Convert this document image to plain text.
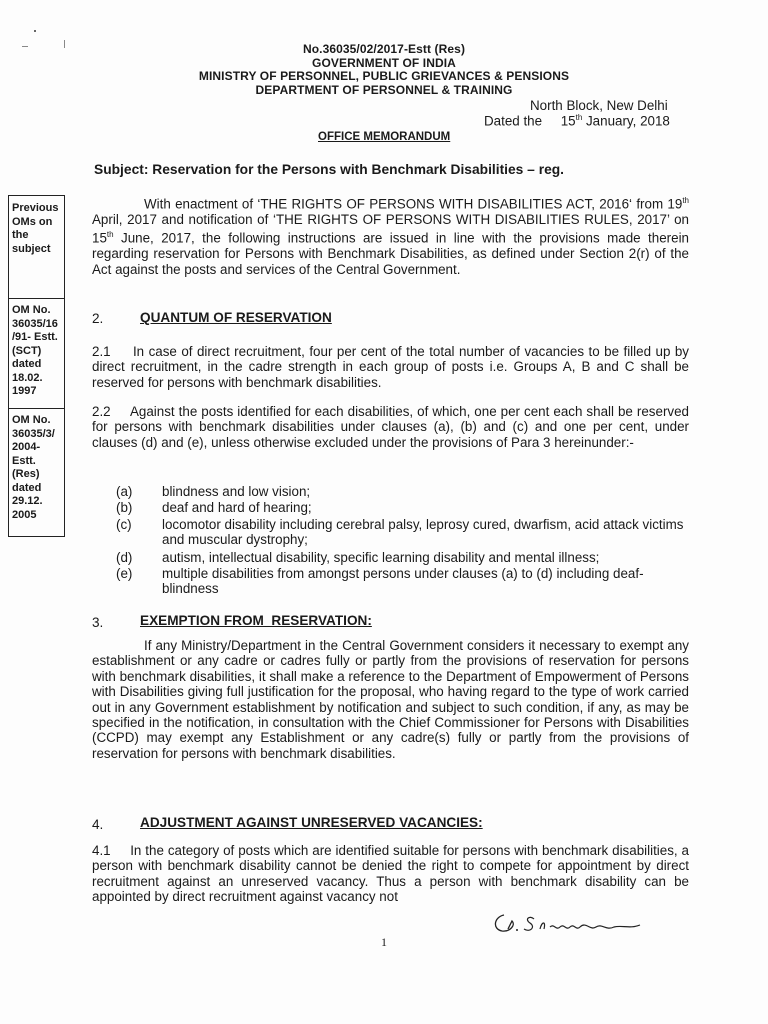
No.36035/02/2017-Estt (Res)
GOVERNMENT OF INDIA
MINISTRY OF PERSONNEL, PUBLIC GRIEVANCES & PENSIONS
DEPARTMENT OF PERSONNEL & TRAINING
North Block, New Delhi
Dated the 15th January, 2018
OFFICE MEMORANDUM
Subject: Reservation for the Persons with Benchmark Disabilities – reg.
Previous OMs on the subject
OM No. 36035/16 /91- Estt.(SCT) dated 18.02. 1997
OM No. 36035/3/ 2004- Estt.(Res) dated 29.12. 2005
With enactment of ‘THE RIGHTS OF PERSONS WITH DISABILITIES ACT, 2016‘ from 19th April, 2017 and notification of ‘THE RIGHTS OF PERSONS WITH DISABILITIES RULES, 2017’ on 15th June, 2017, the following instructions are issued in line with the provisions made therein regarding reservation for Persons with Benchmark Disabilities, as defined under Section 2(r) of the Act against the posts and services of the Central Government.
2.	QUANTUM OF RESERVATION
2.1     In case of direct recruitment, four per cent of the total number of vacancies to be filled up by direct recruitment, in the cadre strength in each group of posts i.e. Groups A, B and C shall be reserved for persons with benchmark disabilities.
2.2     Against the posts identified for each disabilities, of which, one per cent each shall be reserved for persons with benchmark disabilities under clauses (a), (b) and (c) and one per cent, under clauses (d) and (e), unless otherwise excluded under the provisions of Para 3 hereinunder:-
(a) blindness and low vision;
(b) deaf and hard of hearing;
(c) locomotor disability including cerebral palsy, leprosy cured, dwarfism, acid attack victims and muscular dystrophy;
(d) autism, intellectual disability, specific learning disability and mental illness;
(e) multiple disabilities from amongst persons under clauses (a) to (d) including deaf-blindness
3.	EXEMPTION FROM  RESERVATION:
If any Ministry/Department in the Central Government considers it necessary to exempt any establishment or any cadre or cadres fully or partly from the provisions of reservation for persons with benchmark disabilities, it shall make a reference to the Department of Empowerment of Persons with Disabilities giving full justification for the proposal, who having regard to the type of work carried out in any Government establishment by notification and subject to such condition, if any, as may be specified in the notification, in consultation with the Chief Commissioner for Persons with Disabilities (CCPD) may exempt any Establishment or any cadre(s) fully or partly from the provisions of reservation for persons with benchmark disabilities.
4.	ADJUSTMENT AGAINST UNRESERVED VACANCIES:
4.1     In the category of posts which are identified suitable for persons with benchmark disabilities, a person with benchmark disability cannot be denied the right to compete for appointment by direct recruitment against an unreserved vacancy. Thus a person with benchmark disability can be appointed by direct recruitment against vacancy not
1
